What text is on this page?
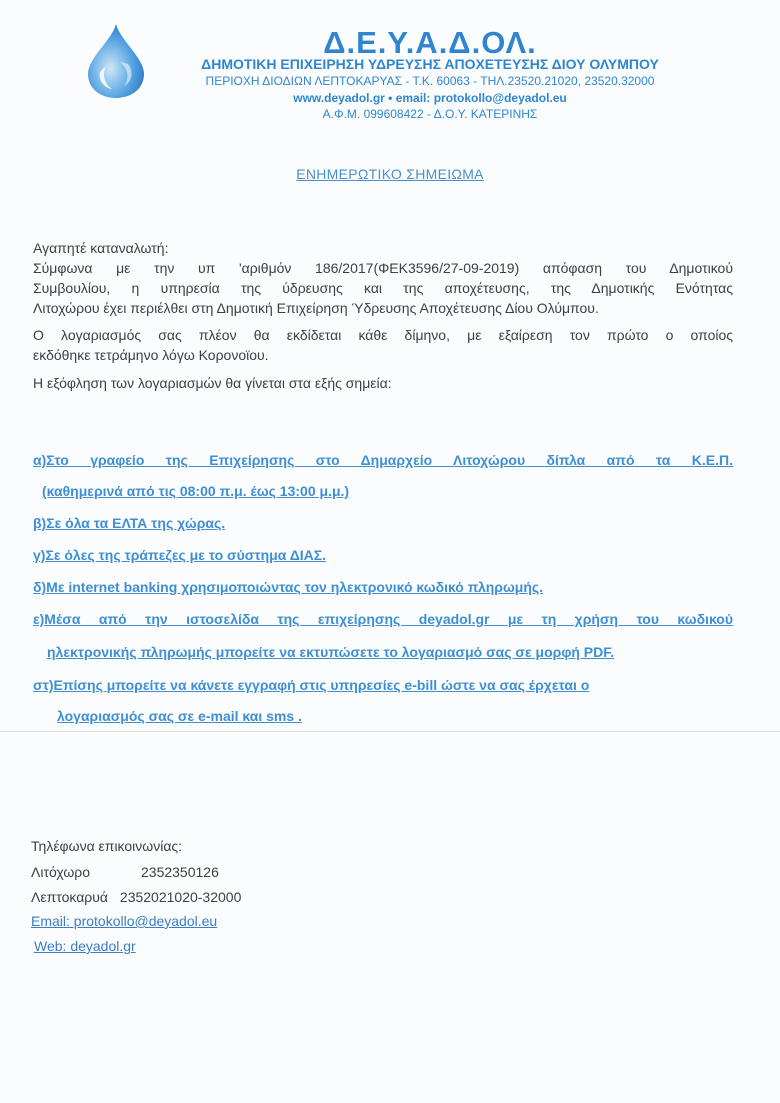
Δ.Ε.Υ.Α.Δ.ΟΛ.
ΔΗΜΟΤΙΚΗ ΕΠΙΧΕΙΡΗΣΗ ΥΔΡΕΥΣΗΣ ΑΠΟΧΕΤΕΥΣΗΣ ΔΙΟΥ ΟΛΥΜΠΟΥ
ΠΕΡΙΟΧΗ ΔΙΟΔΙΩΝ ΛΕΠΤΟΚΑΡΥΑΣ - Τ.Κ. 60063 - ΤΗΛ.23520.21020, 23520.32000
www.deyadol.gr • email: protokollo@deyadol.eu
Α.Φ.Μ. 099608422 - Δ.Ο.Υ. ΚΑΤΕΡΙΝΗΣ
ΕΝΗΜΕΡΩΤΙΚΟ ΣΗΜΕΙΩΜΑ
Αγαπητέ καταναλωτή:
Σύμφωνα με την υπ 'αριθμόν 186/2017(ΦΕΚ3596/27-09-2019) απόφαση του Δημοτικού
Συμβουλίου, η υπηρεσία της ύδρευσης και της αποχέτευσης, της Δημοτικής Ενότητας
Λιτοχώρου έχει περιέλθει στη Δημοτική Επιχείρηση Ύδρευσης Αποχέτευσης Δίου Ολύμπου.
Ο λογαριασμός σας πλέον θα εκδίδεται κάθε δίμηνο, με εξαίρεση τον πρώτο ο οποίος
εκδόθηκε τετράμηνο λόγω Κορονοϊου.
Η εξόφληση των λογαριασμών θα γίνεται στα εξής σημεία:
α)Στο γραφείο της Επιχείρησης στο Δημαρχείο Λιτοχώρου δίπλα από τα Κ.Ε.Π.
(καθημερινά από τις 08:00 π.μ. έως 13:00 μ.μ.)
β)Σε όλα τα ΕΛΤΑ της χώρας.
γ)Σε όλες της τράπεζες με το σύστημα ΔΙΑΣ.
δ)Με internet banking χρησιμοποιώντας τον ηλεκτρονικό κωδικό πληρωμής.
ε)Μέσα από την ιστοσελίδα της επιχείρησης deyadol.gr με τη χρήση του κωδικού
ηλεκτρονικής πληρωμής μπορείτε να εκτυπώσετε το λογαριασμό σας σε μορφή PDF.
στ)Επίσης μπορείτε να κάνετε εγγραφή στις υπηρεσίες e-bill ώστε να σας έρχεται ο
λογαριασμός σας σε e-mail και sms .
Τηλέφωνα επικοινωνίας:
Λιτόχωρο	2352350126
Λεπτοκαρυά 2352021020-32000
Email: protokollo@deyadol.eu
Web: deyadol.gr
